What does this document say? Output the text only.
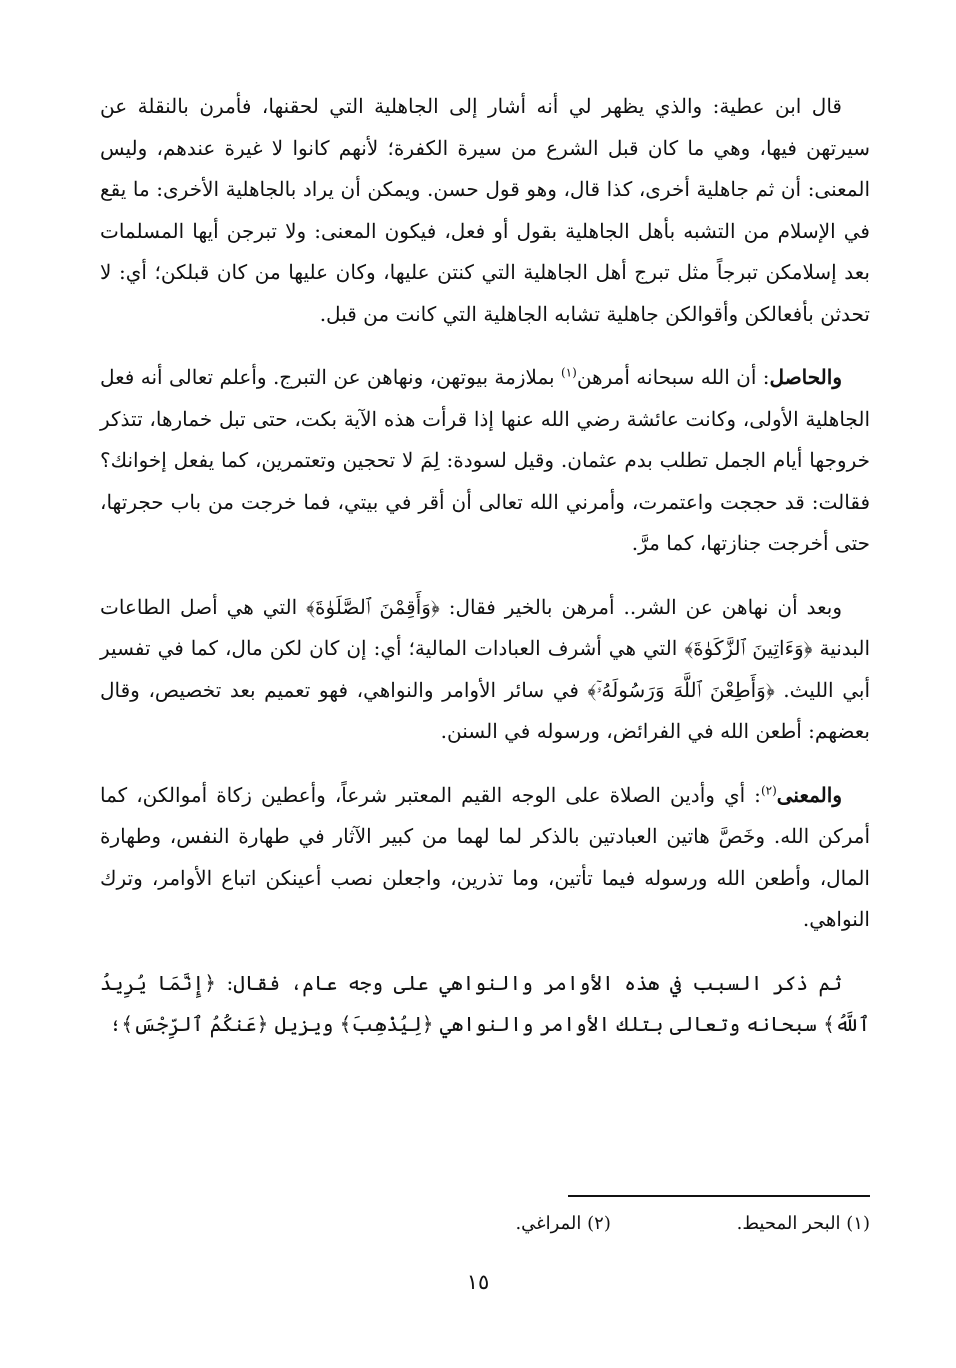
قال ابن عطية: والذي يظهر لي أنه أشار إلى الجاهلية التي لحقنها، فأمرن بالنقلة عن سيرتهن فيها، وهي ما كان قبل الشرع من سيرة الكفرة؛ لأنهم كانوا لا غيرة عندهم، وليس المعنى: أن ثم جاهلية أخرى، كذا قال، وهو قول حسن. ويمكن أن يراد بالجاهلية الأخرى: ما يقع في الإسلام من التشبه بأهل الجاهلية بقول أو فعل، فيكون المعنى: ولا تبرجن أيها المسلمات بعد إسلامكن تبرجاً مثل تبرج أهل الجاهلية التي كنتن عليها، وكان عليها من كان قبلكن؛ أي: لا تحدثن بأفعالكن وأقوالكن جاهلية تشابه الجاهلية التي كانت من قبل.

والحاصل: أن الله سبحانه أمرهن$^{(١)}$ بملازمة بيوتهن، ونهاهن عن التبرج. وأعلم تعالى أنه فعل الجاهلية الأولى، وكانت عائشة رضي الله عنها إذا قرأت هذه الآية بكت، حتى تبل خمارها، تتذكر خروجها أيام الجمل تطلب بدم عثمان. وقيل لسودة: لِمَ لا تحجين وتعتمرين، كما يفعل إخوانك؟ فقالت: قد حججت واعتمرت، وأمرني الله تعالى أن أقر في بيتي، فما خرجت من باب حجرتها، حتى أخرجت جنازتها، كما مرَّ.

وبعد أن نهاهن عن الشر.. أمرهن بالخير فقال: ﴿وَأَقِمْنَ ٱلصَّلَوٰةَ﴾ التي هي أصل الطاعات البدنية ﴿وَءَاتِينَ ٱلزَّكَوٰةَ﴾ التي هي أشرف العبادات المالية؛ أي: إن كان لكن مال، كما في تفسير أبي الليث. ﴿وَأَطِعْنَ ٱللَّهَ وَرَسُولَهُۥٓ﴾ في سائر الأوامر والنواهي، فهو تعميم بعد تخصيص، وقال بعضهم: أطعن الله في الفرائض، ورسوله في السنن.

والمعنى$^{(٢)}$: أي وأدين الصلاة على الوجه القيم المعتبر شرعاً، وأعطين زكاة أموالكن، كما أمركن الله. وخَصَّ هاتين العبادتين بالذكر لما لهما من كبير الآثار في طهارة النفس، وطهارة المال، وأطعن الله ورسوله فيما تأتين، وما تذرين، واجعلن نصب أعينكن اتباع الأوامر، وترك النواهي.

ثم ذكر السبب في هذه الأوامر والنواهي على وجه عام، فقال: ﴿إِنَّمَا يُرِيدُ ٱللَّهُ﴾ سبحانه وتعالى بتلك الأوامر والنواهي ﴿لِيُذْهِبَ﴾ ويزيل ﴿عَنكُمُ ٱلرِّجْسَ﴾؛

(١) البحر المحيط. (٢) المراغي.
١٥
